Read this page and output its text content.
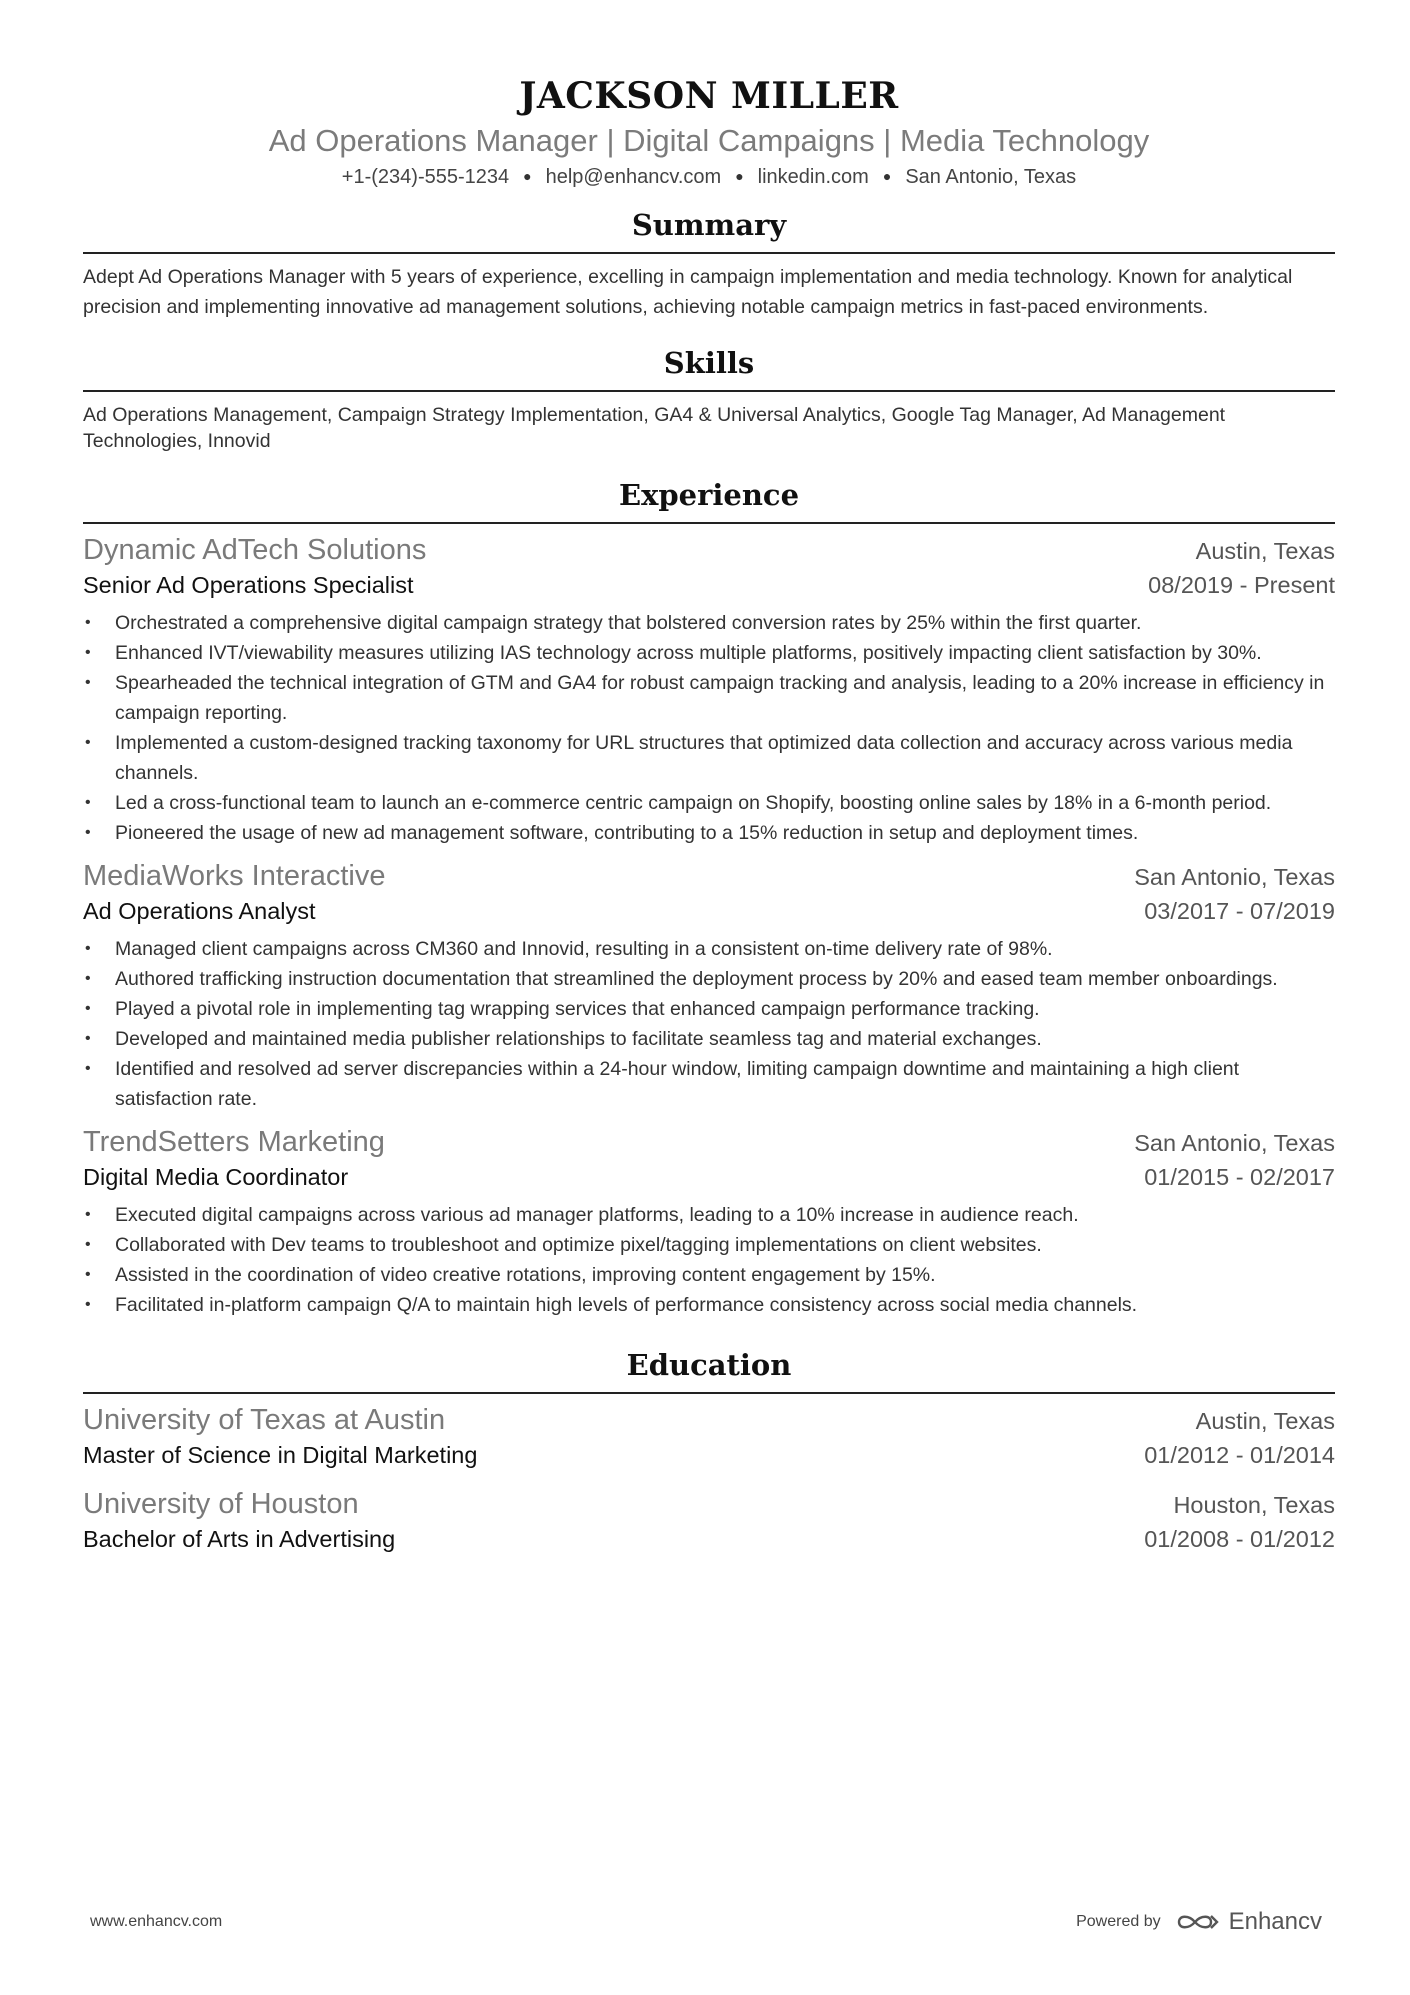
JACKSON MILLER
Ad Operations Manager | Digital Campaigns | Media Technology
+1-(234)-555-1234 ● help@enhancv.com ● linkedin.com ● San Antonio, Texas
Summary
Adept Ad Operations Manager with 5 years of experience, excelling in campaign implementation and media technology. Known for analytical precision and implementing innovative ad management solutions, achieving notable campaign metrics in fast-paced environments.
Skills
Ad Operations Management, Campaign Strategy Implementation, GA4 & Universal Analytics, Google Tag Manager, Ad Management Technologies, Innovid
Experience
Dynamic AdTech Solutions	Austin, Texas
Senior Ad Operations Specialist	08/2019 - Present
• Orchestrated a comprehensive digital campaign strategy that bolstered conversion rates by 25% within the first quarter.
• Enhanced IVT/viewability measures utilizing IAS technology across multiple platforms, positively impacting client satisfaction by 30%.
• Spearheaded the technical integration of GTM and GA4 for robust campaign tracking and analysis, leading to a 20% increase in efficiency in campaign reporting.
• Implemented a custom-designed tracking taxonomy for URL structures that optimized data collection and accuracy across various media channels.
• Led a cross-functional team to launch an e-commerce centric campaign on Shopify, boosting online sales by 18% in a 6-month period.
• Pioneered the usage of new ad management software, contributing to a 15% reduction in setup and deployment times.
MediaWorks Interactive	San Antonio, Texas
Ad Operations Analyst	03/2017 - 07/2019
• Managed client campaigns across CM360 and Innovid, resulting in a consistent on-time delivery rate of 98%.
• Authored trafficking instruction documentation that streamlined the deployment process by 20% and eased team member onboardings.
• Played a pivotal role in implementing tag wrapping services that enhanced campaign performance tracking.
• Developed and maintained media publisher relationships to facilitate seamless tag and material exchanges.
• Identified and resolved ad server discrepancies within a 24-hour window, limiting campaign downtime and maintaining a high client satisfaction rate.
TrendSetters Marketing	San Antonio, Texas
Digital Media Coordinator	01/2015 - 02/2017
• Executed digital campaigns across various ad manager platforms, leading to a 10% increase in audience reach.
• Collaborated with Dev teams to troubleshoot and optimize pixel/tagging implementations on client websites.
• Assisted in the coordination of video creative rotations, improving content engagement by 15%.
• Facilitated in-platform campaign Q/A to maintain high levels of performance consistency across social media channels.
Education
University of Texas at Austin	Austin, Texas
Master of Science in Digital Marketing	01/2012 - 01/2014
University of Houston	Houston, Texas
Bachelor of Arts in Advertising	01/2008 - 01/2012
www.enhancv.com	Powered by	Enhancv
